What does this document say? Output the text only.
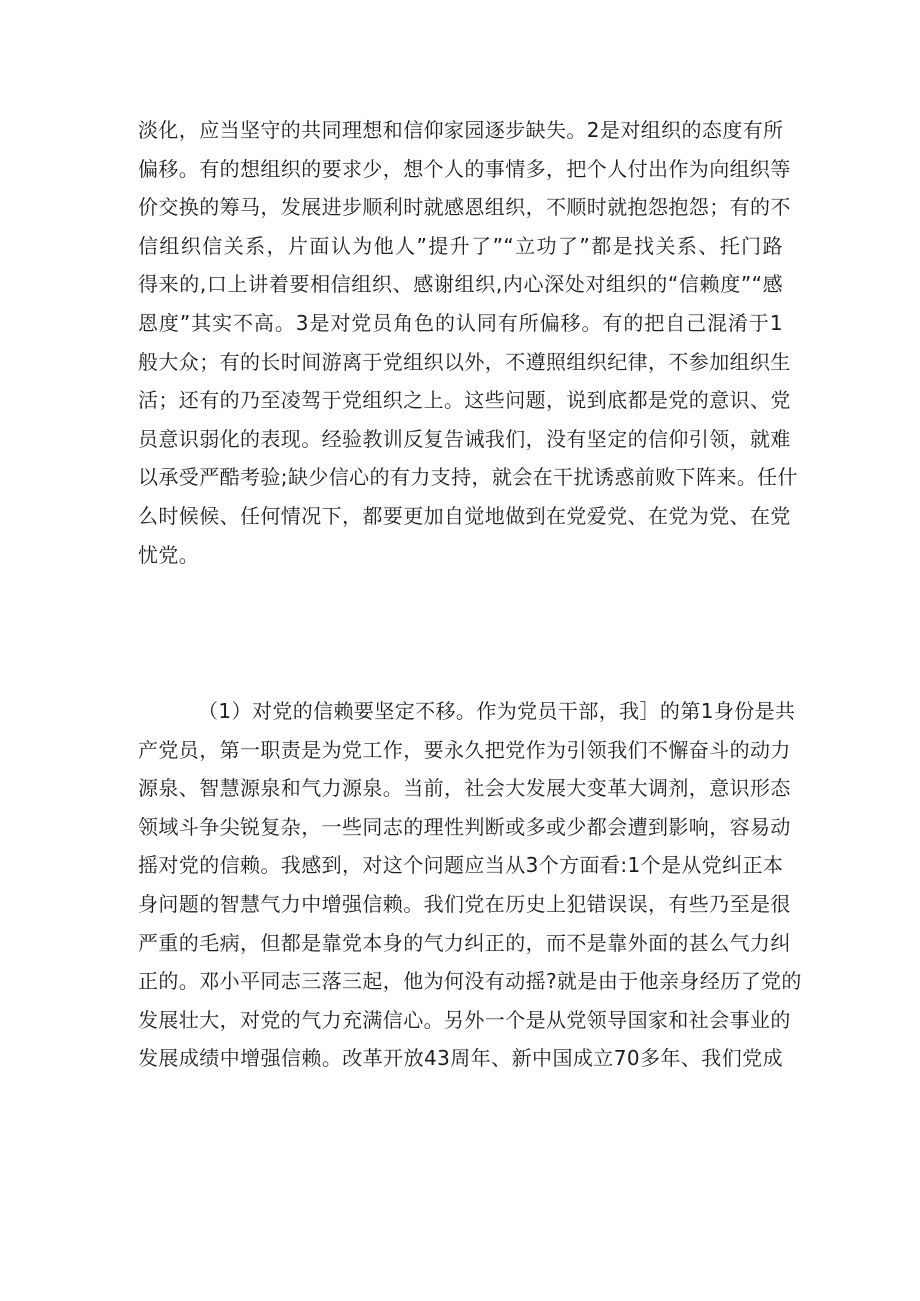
淡化，应当坚守的共同理想和信仰家园逐步缺失。2是对组织的态度有所
偏移。有的想组织的要求少，想个人的事情多，把个人付出作为向组织等
价交换的筹马，发展进步顺利时就感恩组织，不顺时就抱怨抱怨；有的不
信组织信关系，片面认为他人”提升了”“立功了”都是找关系、托门路
得来的,口上讲着要相信组织、感谢组织,内心深处对组织的“信赖度”“感
恩度”其实不高。3是对党员角色的认同有所偏移。有的把自己混淆于1
般大众；有的长时间游离于党组织以外，不遵照组织纪律，不参加组织生
活；还有的乃至凌驾于党组织之上。这些问题，说到底都是党的意识、党
员意识弱化的表现。经验教训反复告诫我们，没有坚定的信仰引领，就难
以承受严酷考验;缺少信心的有力支持，就会在干扰诱惑前败下阵来。任什
么时候候、任何情况下，都要更加自觉地做到在党爱党、在党为党、在党
忧党。
（1）对党的信赖要坚定不移。作为党员干部，我］的第1身份是共
产党员，第一职责是为党工作，要永久把党作为引领我们不懈奋斗的动力
源泉、智慧源泉和气力源泉。当前，社会大发展大变革大调剂，意识形态
领域斗争尖锐复杂，一些同志的理性判断或多或少都会遭到影响，容易动
摇对党的信赖。我感到，对这个问题应当从3个方面看:1个是从党纠正本
身问题的智慧气力中增强信赖。我们党在历史上犯错误误，有些乃至是很
严重的毛病，但都是靠党本身的气力纠正的，而不是靠外面的甚么气力纠
正的。邓小平同志三落三起，他为何没有动摇?就是由于他亲身经历了党的
发展壮大，对党的气力充满信心。另外一个是从党领导国家和社会事业的
发展成绩中增强信赖。改革开放43周年、新中国成立70多年、我们党成
